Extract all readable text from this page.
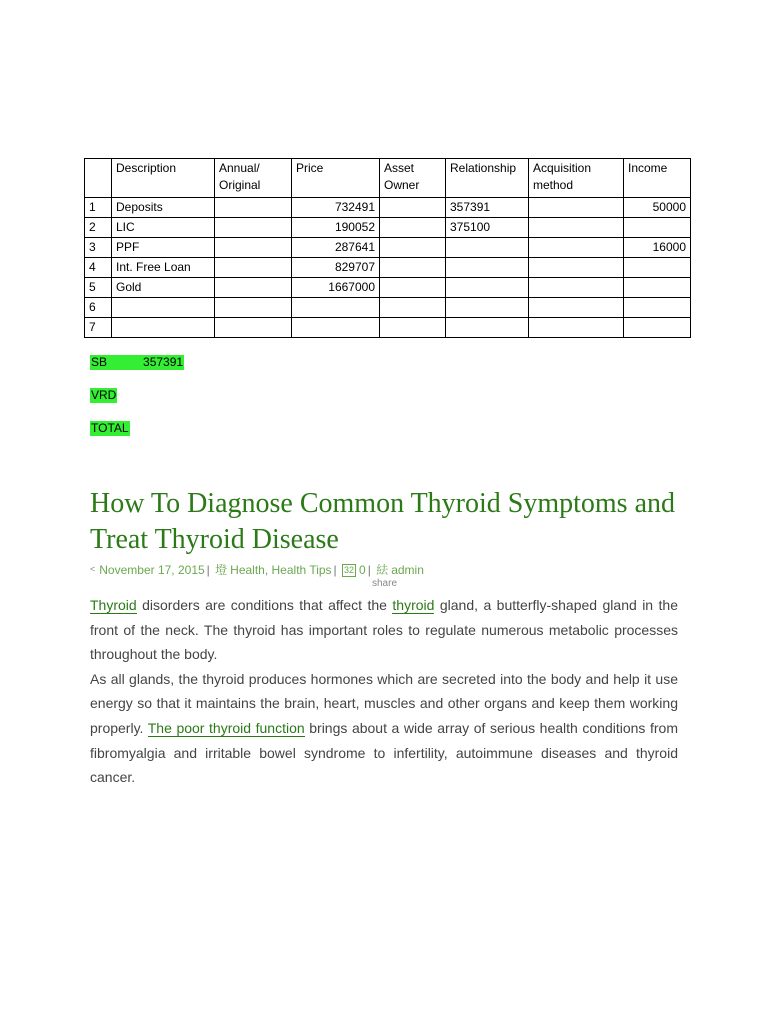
	Description	Annual/ Original	Price	Asset Owner	Relationship	Acquisition method	Income
1	Deposits		732491		357391		50000
2	LIC		190052		375100		
3	PPF		287641				16000
4	Int. Free Loan		829707				
5	Gold		1667000				
6							
7							
SB	357391
VRD
TOTAL
How To Diagnose Common Thyroid Symptoms and Treat Thyroid Disease
˂ November 17, 2015 | 墱 Health, Health Tips | 32 0 | 紶 admin
share

Thyroid disorders are conditions that affect the thyroid gland, a butterfly-shaped gland in the front of the neck. The thyroid has important roles to regulate numerous metabolic processes throughout the body.

As all glands, the thyroid produces hormones which are secreted into the body and help it use energy so that it maintains the brain, heart, muscles and other organs and keep them working properly. The poor thyroid function brings about a wide array of serious health conditions from fibromyalgia and irritable bowel syndrome to infertility, autoimmune diseases and thyroid cancer.
